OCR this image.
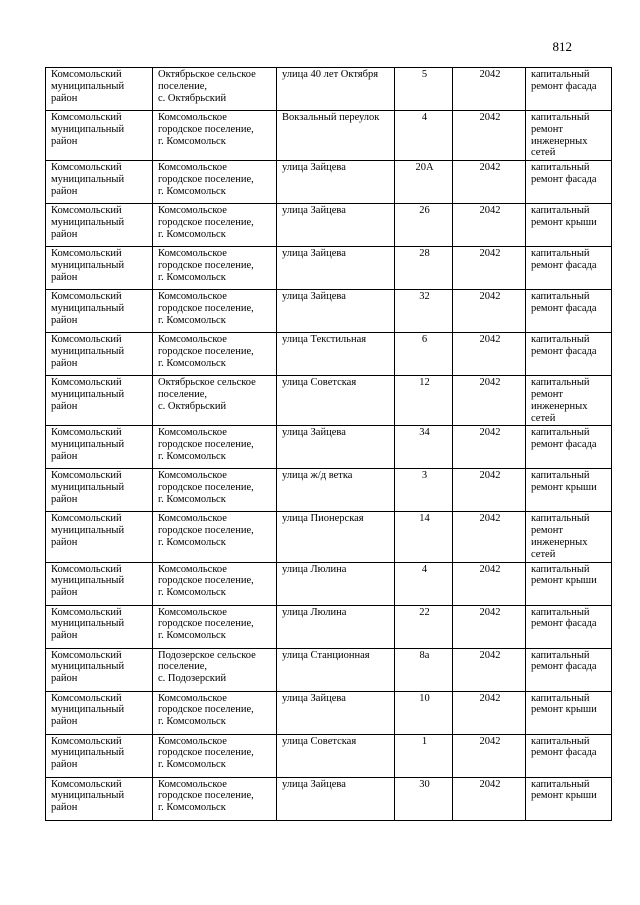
812
Комсомольский
муниципальный
район	Октябрьское сельское
поселение,
с. Октябрьский	улица 40 лет Октября	5	2042	капитальный
ремонт фасада

Комсомольский
муниципальный
район	Комсомольское
городское поселение,
г. Комсомольск	Вокзальный переулок	4	2042	капитальный
ремонт
инженерных
сетей

Комсомольский
муниципальный
район	Комсомольское
городское поселение,
г. Комсомольск	улица Зайцева	20А	2042	капитальный
ремонт фасада

Комсомольский
муниципальный
район	Комсомольское
городское поселение,
г. Комсомольск	улица Зайцева	26	2042	капитальный
ремонт крыши

Комсомольский
муниципальный
район	Комсомольское
городское поселение,
г. Комсомольск	улица Зайцева	28	2042	капитальный
ремонт фасада

Комсомольский
муниципальный
район	Комсомольское
городское поселение,
г. Комсомольск	улица Зайцева	32	2042	капитальный
ремонт фасада

Комсомольский
муниципальный
район	Комсомольское
городское поселение,
г. Комсомольск	улица Текстильная	6	2042	капитальный
ремонт фасада

Комсомольский
муниципальный
район	Октябрьское сельское
поселение,
с. Октябрьский	улица Советская	12	2042	капитальный
ремонт
инженерных
сетей

Комсомольский
муниципальный
район	Комсомольское
городское поселение,
г. Комсомольск	улица Зайцева	34	2042	капитальный
ремонт фасада

Комсомольский
муниципальный
район	Комсомольское
городское поселение,
г. Комсомольск	улица ж/д ветка	3	2042	капитальный
ремонт крыши

Комсомольский
муниципальный
район	Комсомольское
городское поселение,
г. Комсомольск	улица Пионерская	14	2042	капитальный
ремонт
инженерных
сетей

Комсомольский
муниципальный
район	Комсомольское
городское поселение,
г. Комсомольск	улица Люлина	4	2042	капитальный
ремонт крыши

Комсомольский
муниципальный
район	Комсомольское
городское поселение,
г. Комсомольск	улица Люлина	22	2042	капитальный
ремонт фасада

Комсомольский
муниципальный
район	Подозерское сельское
поселение,
с. Подозерский	улица Станционная	8а	2042	капитальный
ремонт фасада

Комсомольский
муниципальный
район	Комсомольское
городское поселение,
г. Комсомольск	улица Зайцева	10	2042	капитальный
ремонт крыши

Комсомольский
муниципальный
район	Комсомольское
городское поселение,
г. Комсомольск	улица Советская	1	2042	капитальный
ремонт фасада

Комсомольский
муниципальный
район	Комсомольское
городское поселение,
г. Комсомольск	улица Зайцева	30	2042	капитальный
ремонт крыши
